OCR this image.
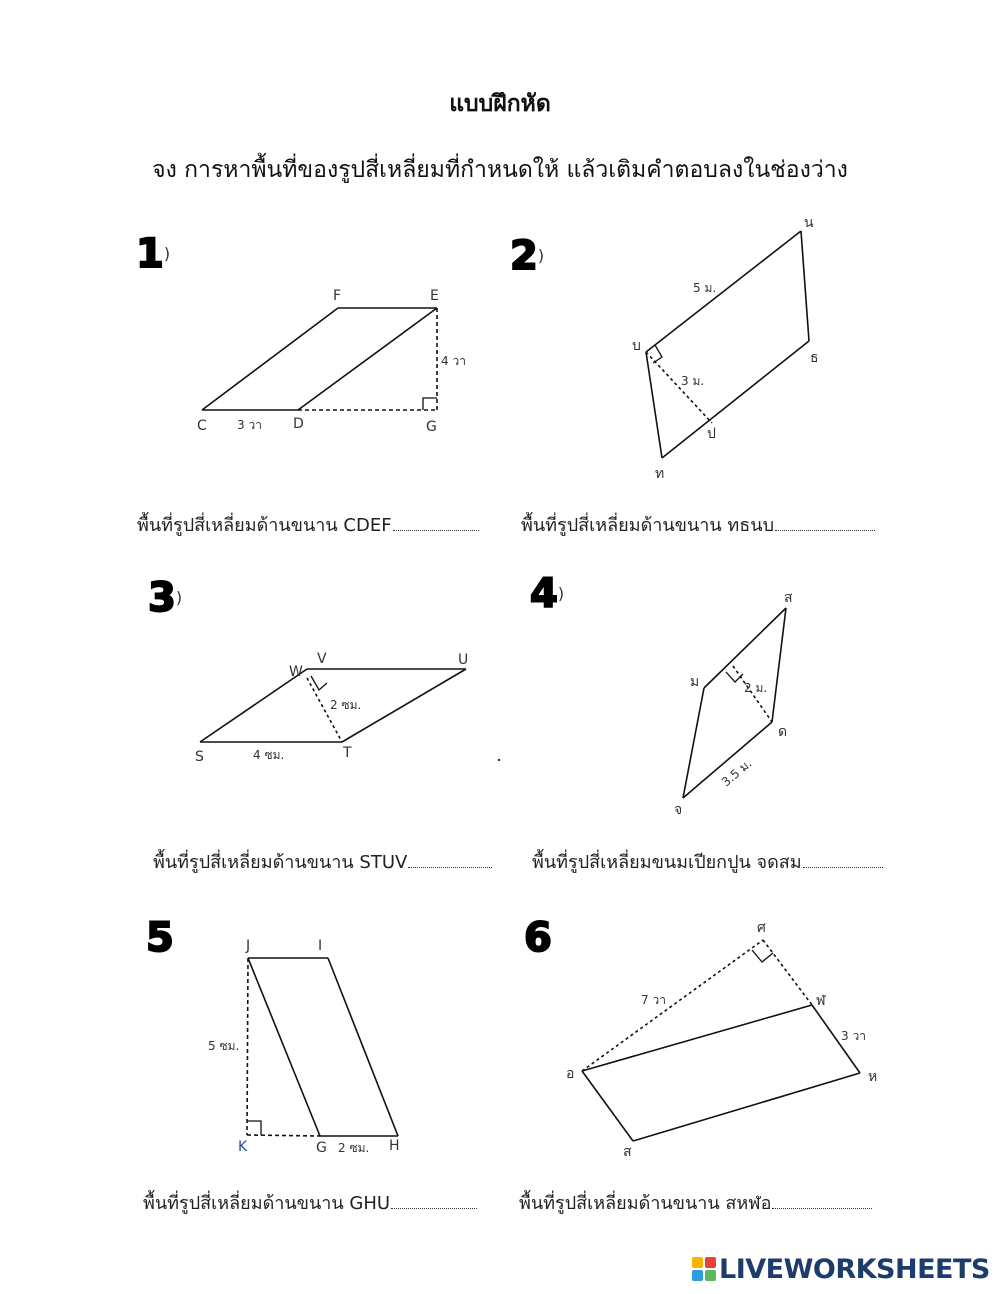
แบบฝึกหัด
จง การหาพื้นที่ของรูปสี่เหลี่ยมที่กำหนดให้ แล้วเติมคำตอบลงในช่องว่าง
1)	2)
3)	4)
5	6
F	E
C	D	G
3 วา
4 วา
น
บ
ธ
ป
ท
5 ม.
3 ม.
W
V	U
S	T
4 ซม.
2 ซม.
ส
ม
ด
จ
2 ม.
3.5 ม.
J	I
K	G	H
5 ซม.
2 ซม.
ศ
ฬ
อ	ห
ส
7 วา
3 วา
พื้นที่รูปสี่เหลี่ยมด้านขนาน CDEF	พื้นที่รูปสี่เหลี่ยมด้านขนาน ทธนบ
พื้นที่รูปสี่เหลี่ยมด้านขนาน STUV	พื้นที่รูปสี่เหลี่ยมขนมเปียกปูน จดสม
พื้นที่รูปสี่เหลี่ยมด้านขนาน GHU	พื้นที่รูปสี่เหลี่ยมด้านขนาน สหฬอ
LIVEWORKSHEETS
